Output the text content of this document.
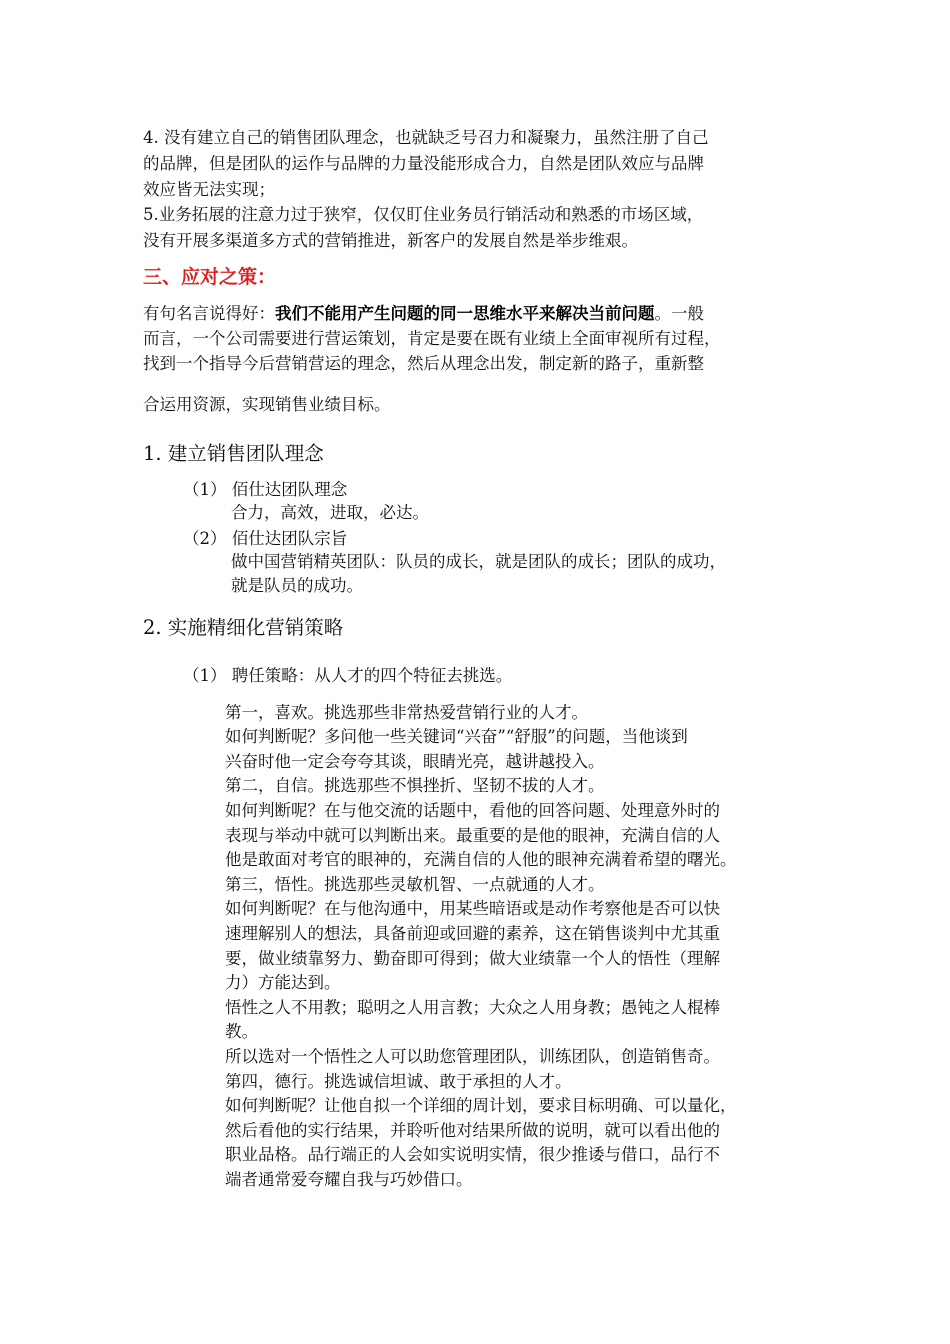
4. 没有建立自己的销售团队理念，也就缺乏号召力和凝聚力，虽然注册了自己

的品牌，但是团队的运作与品牌的力量没能形成合力，自然是团队效应与品牌

效应皆无法实现；

5.业务拓展的注意力过于狭窄，仅仅盯住业务员行销活动和熟悉的市场区域，

没有开展多渠道多方式的营销推进，新客户的发展自然是举步维艰。

三、应对之策：

有句名言说得好：我们不能用产生问题的同一思维水平来解决当前问题。一般

而言，一个公司需要进行营运策划，肯定是要在既有业绩上全面审视所有过程，

找到一个指导今后营销营运的理念，然后从理念出发，制定新的路子，重新整

合运用资源，实现销售业绩目标。

1. 建立销售团队理念

（1） 佰仕达团队理念

合力，高效，进取，必达。

（2） 佰仕达团队宗旨

做中国营销精英团队：队员的成长，就是团队的成长；团队的成功，

就是队员的成功。

2. 实施精细化营销策略

（1） 聘任策略：从人才的四个特征去挑选。

第一，喜欢。挑选那些非常热爱营销行业的人才。

如何判断呢？多问他一些关键词“兴奋”“舒服”的问题，当他谈到

兴奋时他一定会夸夸其谈，眼睛光亮，越讲越投入。

第二，自信。挑选那些不惧挫折、坚韧不拔的人才。

如何判断呢？在与他交流的话题中，看他的回答问题、处理意外时的

表现与举动中就可以判断出来。最重要的是他的眼神，充满自信的人

他是敢面对考官的眼神的，充满自信的人他的眼神充满着希望的曙光。

第三，悟性。挑选那些灵敏机智、一点就通的人才。

如何判断呢？在与他沟通中，用某些暗语或是动作考察他是否可以快

速理解别人的想法，具备前迎或回避的素养，这在销售谈判中尤其重

要，做业绩靠努力、勤奋即可得到；做大业绩靠一个人的悟性（理解

力）方能达到。

悟性之人不用教；聪明之人用言教；大众之人用身教；愚钝之人棍棒

教。

所以选对一个悟性之人可以助您管理团队，训练团队，创造销售奇。

第四，德行。挑选诚信坦诚、敢于承担的人才。

如何判断呢？让他自拟一个详细的周计划，要求目标明确、可以量化，

然后看他的实行结果，并聆听他对结果所做的说明，就可以看出他的

职业品格。品行端正的人会如实说明实情，很少推诿与借口，品行不

端者通常爱夸耀自我与巧妙借口。
